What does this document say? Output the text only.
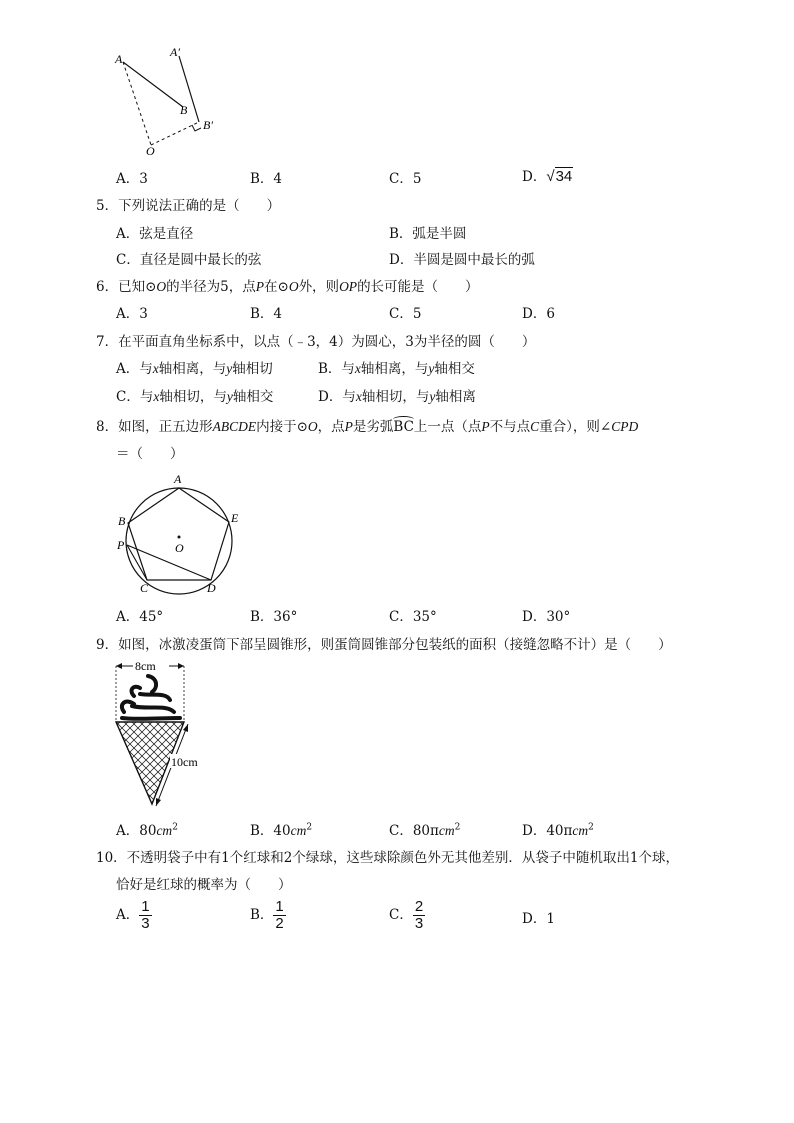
A	A′
B
B′
O
A．3	B．4	C．5	D．√34
5．下列说法正确的是（　　）
A．弦是直径	B．弧是半圆
C．直径是圆中最长的弦	D．半圆是圆中最长的弧
6．已知⊙O的半径为5，点P在⊙O外，则OP的长可能是（　　）
A．3	B．4	C．5	D．6
7．在平面直角坐标系中，以点（﹣3，4）为圆心，3为半径的圆（　　）
A．与x轴相离，与y轴相切	B．与x轴相离，与y轴相交
C．与x轴相切，与y轴相交	D．与x轴相切，与y轴相离
8．如图，正五边形ABCDE内接于⊙O，点P是劣弧BC上一点（点P不与点C重合），则∠CPD
＝（　　）
A
B
P
C	D
E
O
A．45°	B．36°	C．35°	D．30°
9．如图，冰激凌蛋筒下部呈圆锥形，则蛋筒圆锥部分包装纸的面积（接缝忽略不计）是（　　）
8cm
10cm
A．$80cm^2$	B．$40cm^2$	C．80πcm$^2$	D．40πcm$^2$
10．不透明袋子中有1个红球和2个绿球，这些球除颜色外无其他差别．从袋子中随机取出1个球，
恰好是红球的概率为（　　）
A． $\frac{1}{3}$	B． $\frac{1}{2}$	C． $\frac{2}{3}$	D．1
